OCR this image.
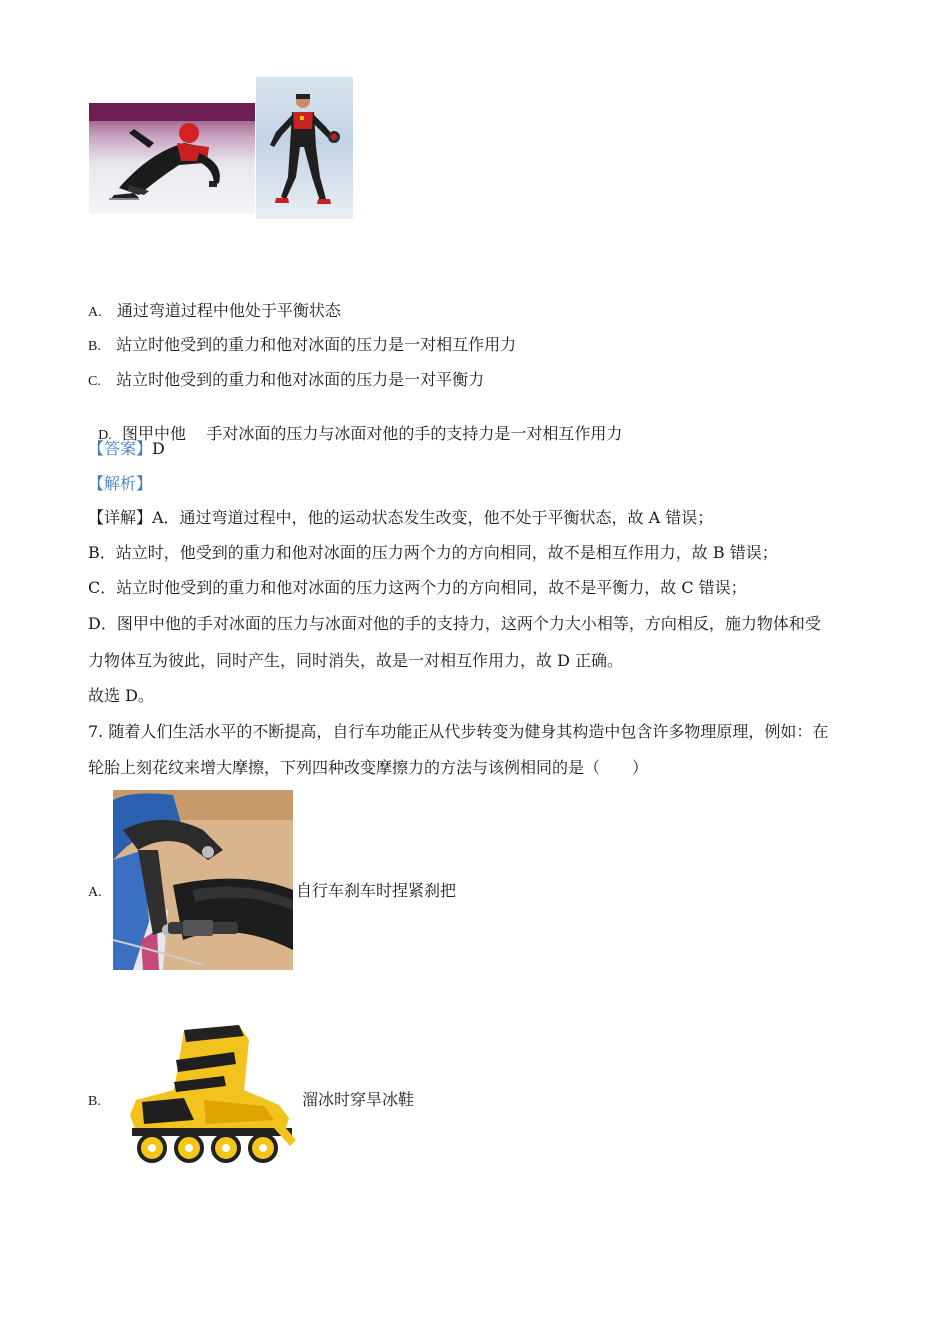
A. 通过弯道过程中他处于平衡状态
B. 站立时他受到的重力和他对冰面的压力是一对相互作用力
C. 站立时他受到的重力和他对冰面的压力是一对平衡力

D. 图甲中他    手对冰面的压力与冰面对他的手的支持力是一对相互作用力

【答案】D
【解析】
【详解】A．通过弯道过程中，他的运动状态发生改变，他不处于平衡状态，故 A 错误；
B．站立时，他受到的重力和他对冰面的压力两个力的方向相同，故不是相互作用力，故 B 错误；
C．站立时他受到的重力和他对冰面的压力这两个力的方向相同，故不是平衡力，故 C 错误；
D．图甲中他的手对冰面的压力与冰面对他的手的支持力，这两个力大小相等，方向相反，施力物体和受
力物体互为彼此，同时产生，同时消失，故是一对相互作用力，故 D 正确。
故选 D。
7. 随着人们生活水平的不断提高，自行车功能正从代步转变为健身其构造中包含许多物理原理，例如：在
轮胎上刻花纹来增大摩擦，下列四种改变摩擦力的方法与该例相同的是（　　）
A.	自行车刹车时捏紧刹把
B.	溜冰时穿旱冰鞋
